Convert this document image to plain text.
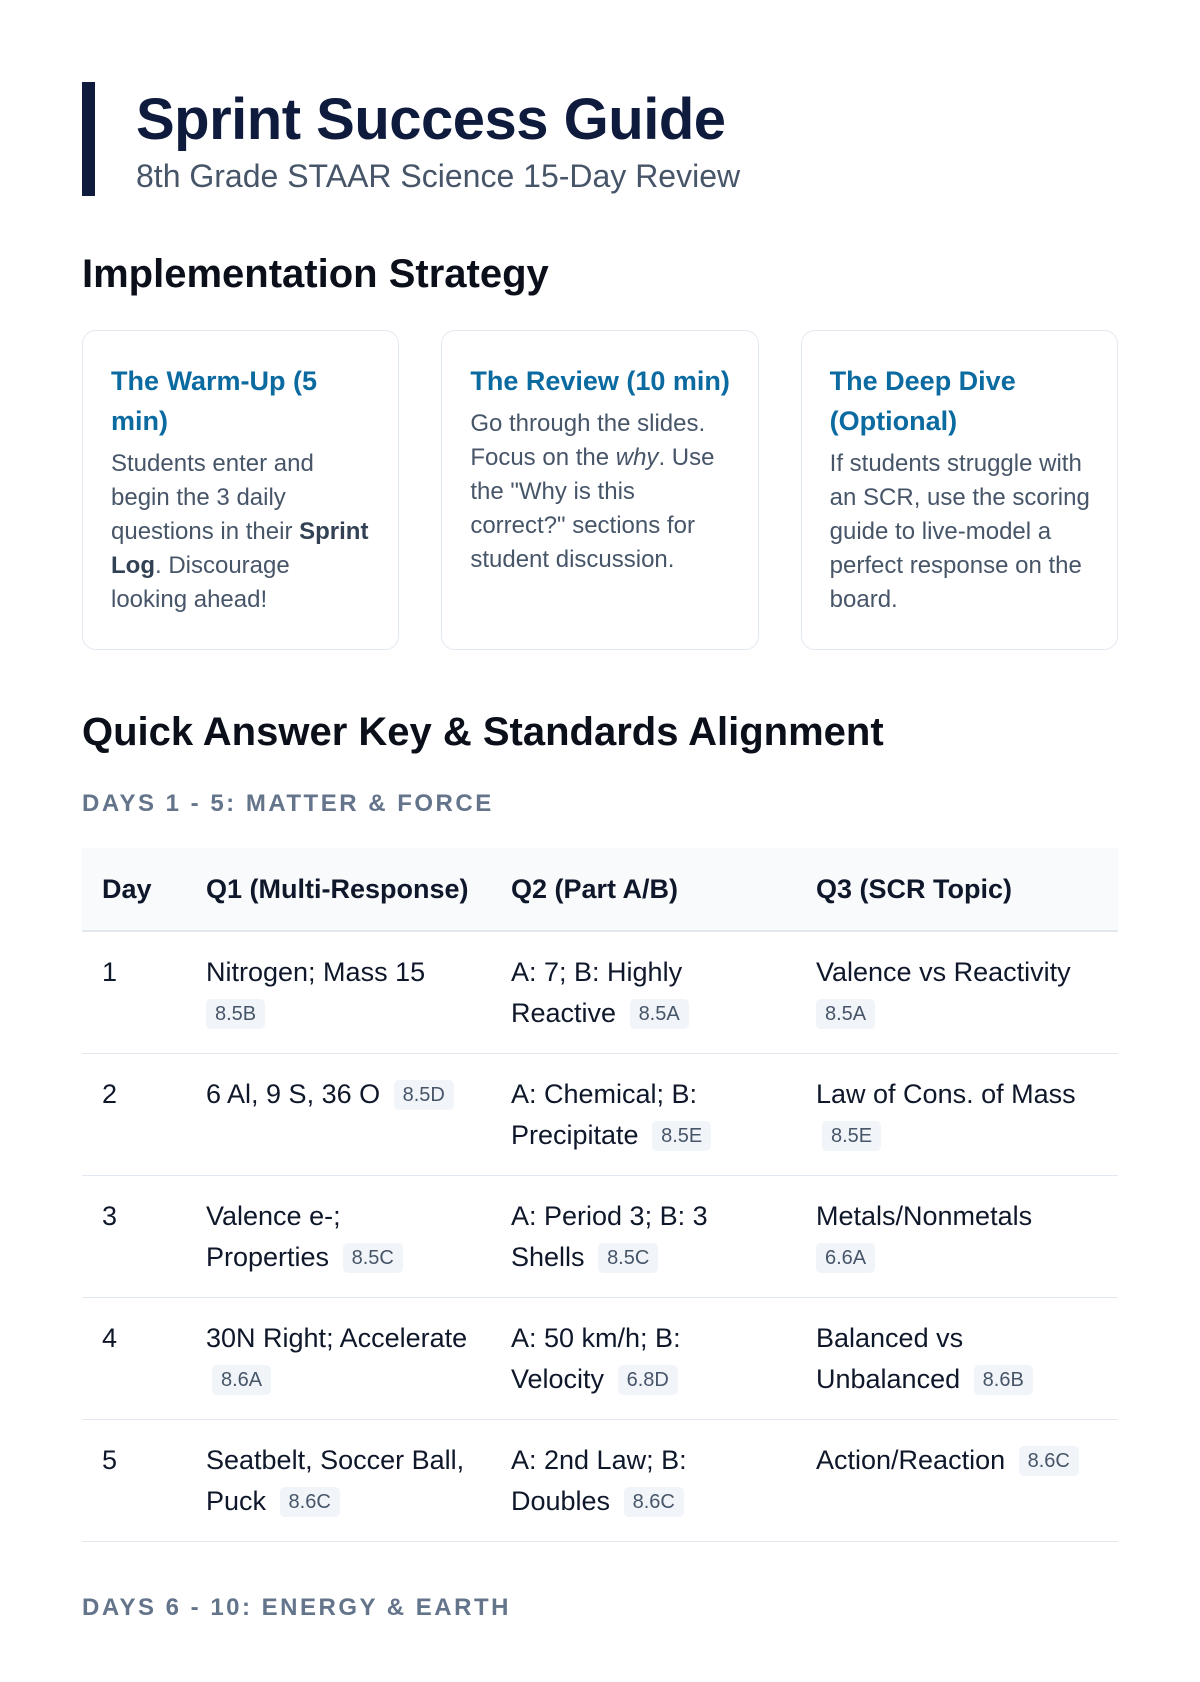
Sprint Success Guide
8th Grade STAAR Science 15-Day Review
Implementation Strategy
The Warm-Up (5 min)
Students enter and begin the 3 daily questions in their Sprint Log. Discourage looking ahead!
The Review (10 min)
Go through the slides. Focus on the why. Use the "Why is this correct?" sections for student discussion.
The Deep Dive (Optional)
If students struggle with an SCR, use the scoring guide to live-model a perfect response on the board.
Quick Answer Key & Standards Alignment
DAYS 1 - 5: MATTER & FORCE
Day	Q1 (Multi-Response)	Q2 (Part A/B)	Q3 (SCR Topic)
1	Nitrogen; Mass 15 8.5B	A: 7; B: Highly Reactive 8.5A	Valence vs Reactivity 8.5A
2	6 Al, 9 S, 36 O 8.5D	A: Chemical; B: Precipitate 8.5E	Law of Cons. of Mass 8.5E
3	Valence e-; Properties 8.5C	A: Period 3; B: 3 Shells 8.5C	Metals/Nonmetals 6.6A
4	30N Right; Accelerate 8.6A	A: 50 km/h; B: Velocity 6.8D	Balanced vs Unbalanced 8.6B
5	Seatbelt, Soccer Ball, Puck 8.6C	A: 2nd Law; B: Doubles 8.6C	Action/Reaction 8.6C
DAYS 6 - 10: ENERGY & EARTH
